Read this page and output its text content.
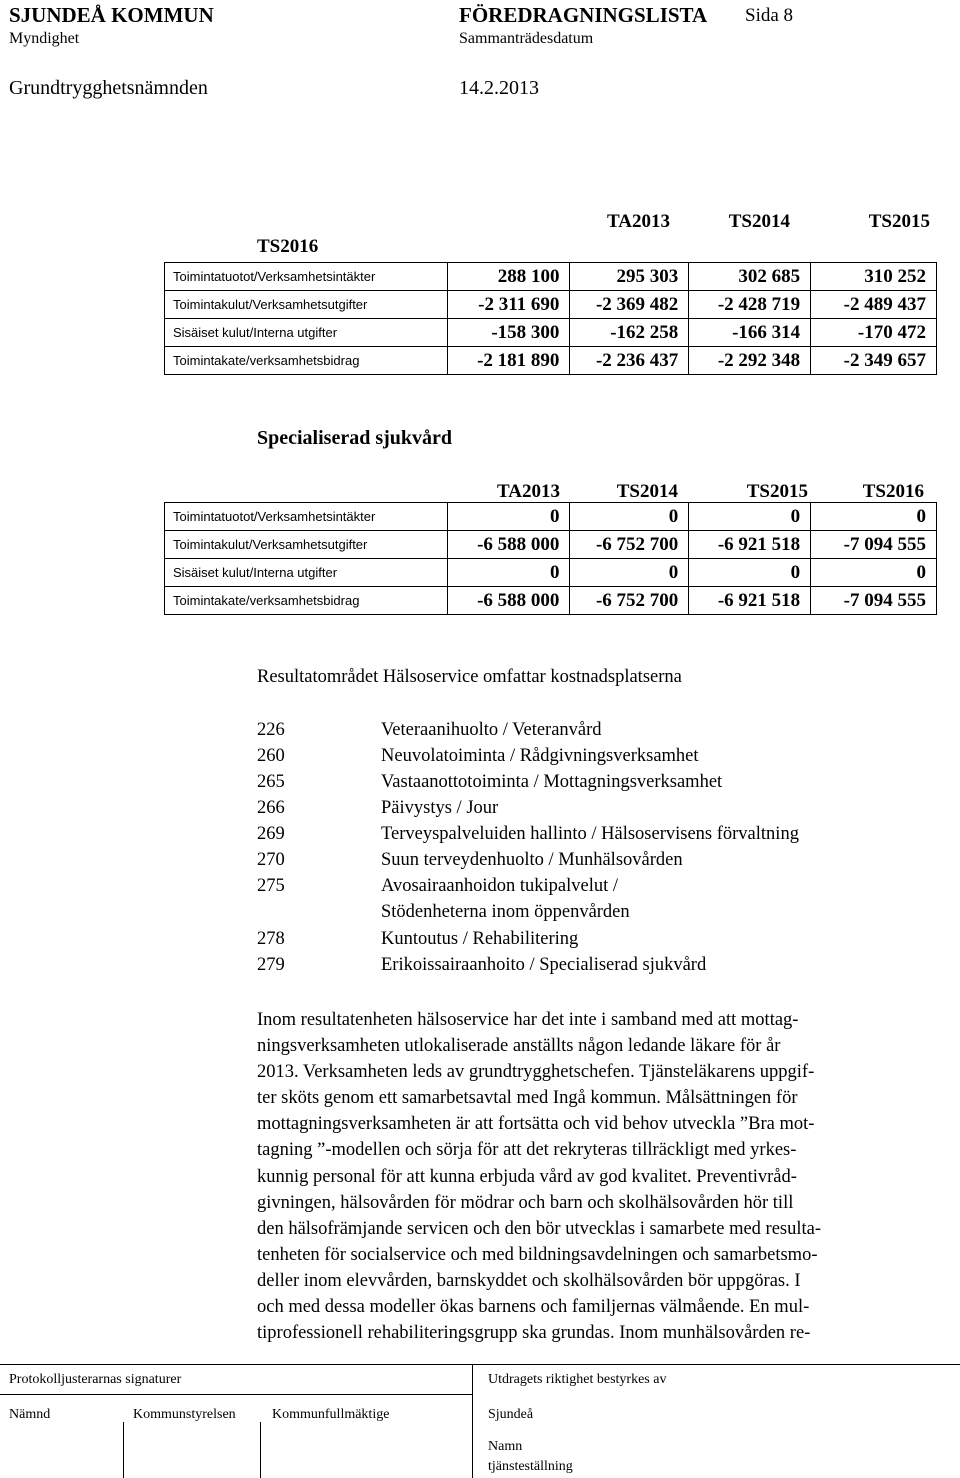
SJUNDEÅ KOMMUN	FÖREDRAGNINGSLISTA Sida 8
Myndighet	Sammanträdesdatum
Grundtrygghetsnämnden	14.2.2013
TA2013	TS2014	TS2015
TS2016
Toimintatuotot/Verksamhetsintäkter	288 100	295 303	302 685	310 252
Toimintakulut/Verksamhetsutgifter	-2 311 690	-2 369 482	-2 428 719	-2 489 437
Sisäiset kulut/Interna utgifter	-158 300	-162 258	-166 314	-170 472
Toimintakate/verksamhetsbidrag	-2 181 890	-2 236 437	-2 292 348	-2 349 657
Specialiserad sjukvård
TA2013	TS2014	TS2015	TS2016
Toimintatuotot/Verksamhetsintäkter	0	0	0	0
Toimintakulut/Verksamhetsutgifter	-6 588 000	-6 752 700	-6 921 518	-7 094 555
Sisäiset kulut/Interna utgifter	0	0	0	0
Toimintakate/verksamhetsbidrag	-6 588 000	-6 752 700	-6 921 518	-7 094 555
Resultatområdet Hälsoservice omfattar kostnadsplatserna
226	Veteraanihuolto / Veteranvård
260	Neuvolatoiminta / Rådgivningsverksamhet
265	Vastaanottotoiminta / Mottagningsverksamhet
266	Päivystys / Jour
269	Terveyspalveluiden hallinto / Hälsoservisens förvaltning
270	Suun terveydenhuolto / Munhälsovården
275	Avosairaanhoidon tukipalvelut /
Stödenheterna inom öppenvården
278	Kuntoutus / Rehabilitering
279	Erikoissairaanhoito / Specialiserad sjukvård
Inom resultatenheten hälsoservice har det inte i samband med att mottag-
ningsverksamheten utlokaliserade anställts någon ledande läkare för år
2013. Verksamheten leds av grundtrygghetschefen. Tjänsteläkarens uppgif-
ter sköts genom ett samarbetsavtal med Ingå kommun. Målsättningen för
mottagningsverksamheten är att fortsätta och vid behov utveckla ”Bra mot-
tagning ”-modellen och sörja för att det rekryteras tillräckligt med yrkes-
kunnig personal för att kunna erbjuda vård av god kvalitet. Preventivråd-
givningen, hälsovården för mödrar och barn och skolhälsovården hör till
den hälsofrämjande servicen och den bör utvecklas i samarbete med resulta-
tenheten för socialservice och med bildningsavdelningen och samarbetsmo-
deller inom elevvården, barnskyddet och skolhälsovården bör uppgöras. I
och med dessa modeller ökas barnens och familjernas välmående. En mul-
tiprofessionell rehabiliteringsgrupp ska grundas. Inom munhälsovården re-
Protokolljusterarnas signaturer	Utdragets riktighet bestyrkes av
Nämnd	Kommunstyrelsen	Kommunfullmäktige	Sjundeå
Namn
tjänsteställning
